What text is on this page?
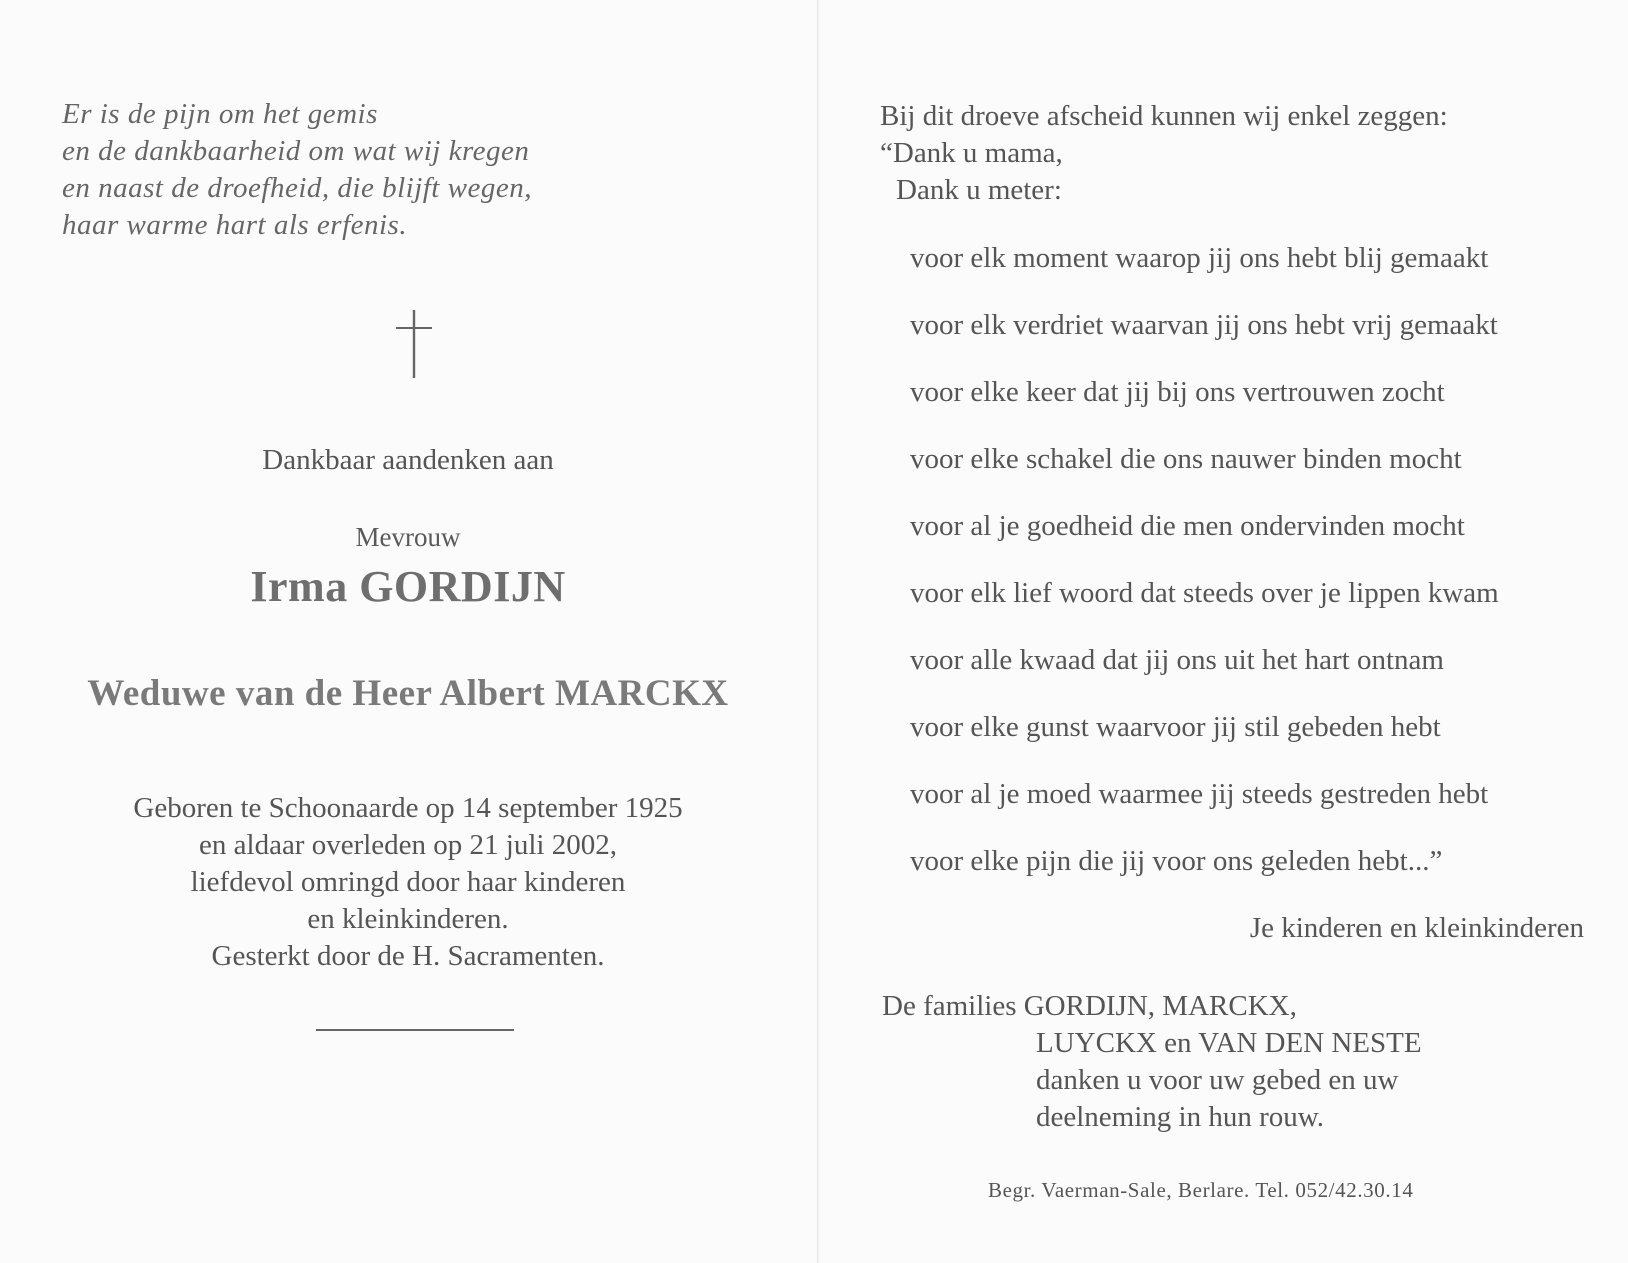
Er is de pijn om het gemis
en de dankbaarheid om wat wij kregen
en naast de droefheid, die blijft wegen,
haar warme hart als erfenis.
Dankbaar aandenken aan
Mevrouw
Irma GORDIJN
Weduwe van de Heer Albert MARCKX
Geboren te Schoonaarde op 14 september 1925
en aldaar overleden op 21 juli 2002,
liefdevol omringd door haar kinderen
en kleinkinderen.
Gesterkt door de H. Sacramenten.
Bij dit droeve afscheid kunnen wij enkel zeggen:
“Dank u mama,
Dank u meter:
voor elk moment waarop jij ons hebt blij gemaakt
voor elk verdriet waarvan jij ons hebt vrij gemaakt
voor elke keer dat jij bij ons vertrouwen zocht
voor elke schakel die ons nauwer binden mocht
voor al je goedheid die men ondervinden mocht
voor elk lief woord dat steeds over je lippen kwam
voor alle kwaad dat jij ons uit het hart ontnam
voor elke gunst waarvoor jij stil gebeden hebt
voor al je moed waarmee jij steeds gestreden hebt
voor elke pijn die jij voor ons geleden hebt...”
Je kinderen en kleinkinderen
De families GORDIJN, MARCKX,
LUYCKX en VAN DEN NESTE
danken u voor uw gebed en uw
deelneming in hun rouw.
Begr. Vaerman-Sale, Berlare. Tel. 052/42.30.14
